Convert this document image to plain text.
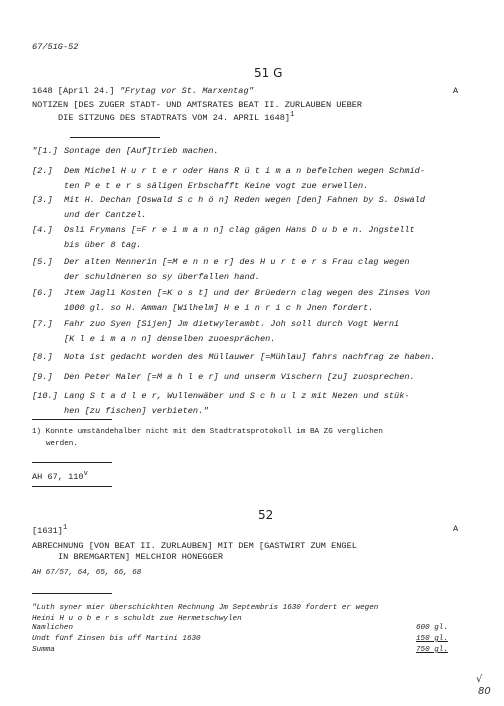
67/51G-52
51 G
1648 [April 24.] "Frytag vor St. Marxentag"	A
NOTIZEN [DES ZUGER STADT- UND AMTSRATES BEAT II. ZURLAUBEN UEBER
DIE SITZUNG DES STADTRATS VOM 24. APRIL 1648]$^1$
"[1.] Sontage den [Auf]trieb machen.
[2.] Dem Michel H u r t e r oder Hans R ü t i m a n befelchen wegen Schmid-
ten P e t e r s säligen Erbschafft Keine vogt zue erwellen.
[3.] Mit H. Dechan [Oswald S c h ö n] Reden wegen [den] Fahnen by S. Oswald
und der Cantzel.
[4.] Osli Frymans [=F r e i m a n n] clag gägen Hans D u b e n. Jngstellt
bis über 8 tag.
[5.] Der alten Mennerin [=M e n n e r] des H u r t e r s Frau clag wegen
der schuldneren so sy überfallen hand.
[6.] Jtem Jagli Kosten [=K o s t] und der Brüedern clag wegen des Zinses Von
1000 gl. so H. Amman [Wilhelm] H e i n r i c h Jnen fordert.
[7.] Fahr zuo Syen [Sijen] Jm dietwylerambt. Joh soll durch Vogt Werni
[K l e i m a n n] denselben zuoesprächen.
[8.] Nota ist gedacht worden des Müllauwer [=Mühlau] fahrs nachfrag ze haben.
[9.] Den Peter Maler [=M a h l e r] und unserm Vischern [zu] zuosprechen.
[10.] Lang S t a d l e r, Wullenwäber und S c h u l z mit Nezen und stük-
hen [zu fischen] verbieten."
1) Konnte umständehalber nicht mit dem Stadtratsprotokoll im BA ZG verglichen
werden.
AH 67, 110$^v$
52
$[1631]^1$	A
ABRECHNUNG [VON BEAT II. ZURLAUBEN] MIT DEM [GASTWIRT ZUM ENGEL
IN BREMGARTEN] MELCHIOR HONEGGER
AH 67/57, 64, 65, 66, 68
"Luth syner mier überschickhten Rechnung Jm Septembris 1630 fordert er wegen
Heini H u o b e r s schuldt zue Hermetschwylen
Namlichen	600 gl.
Undt fünf Zinsen bis uff Martini 1630	150 gl.
Summa	750 gl.
√
80
